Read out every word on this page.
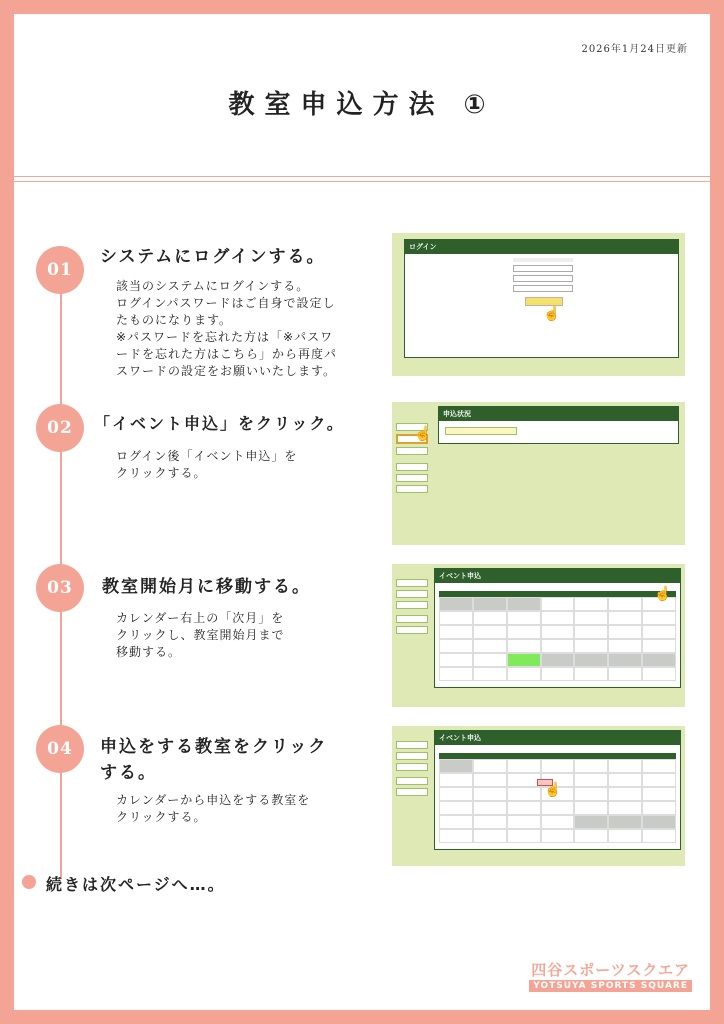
2026年1月24日更新
教室申込方法 ①
01
システムにログインする。
該当のシステムにログインする。
ログインパスワードはご自身で設定し
たものになります。
※パスワードを忘れた方は「※パスワ
ードを忘れた方はこちら」から再度パ
スワードの設定をお願いいたします。
ログイン
☝
02	「イベント申込」をクリック。
ログイン後「イベント申込」を
クリックする。
☝
申込状況
03	教室開始月に移動する。
カレンダー右上の「次月」を
クリックし、教室開始月まで
移動する。
イベント申込
☝
04	申込をする教室をクリック
する。
カレンダーから申込をする教室を
クリックする。
イベント申込
☝
続きは次ページへ…。
四谷スポーツスクエア
YOTSUYA SPORTS SQUARE
